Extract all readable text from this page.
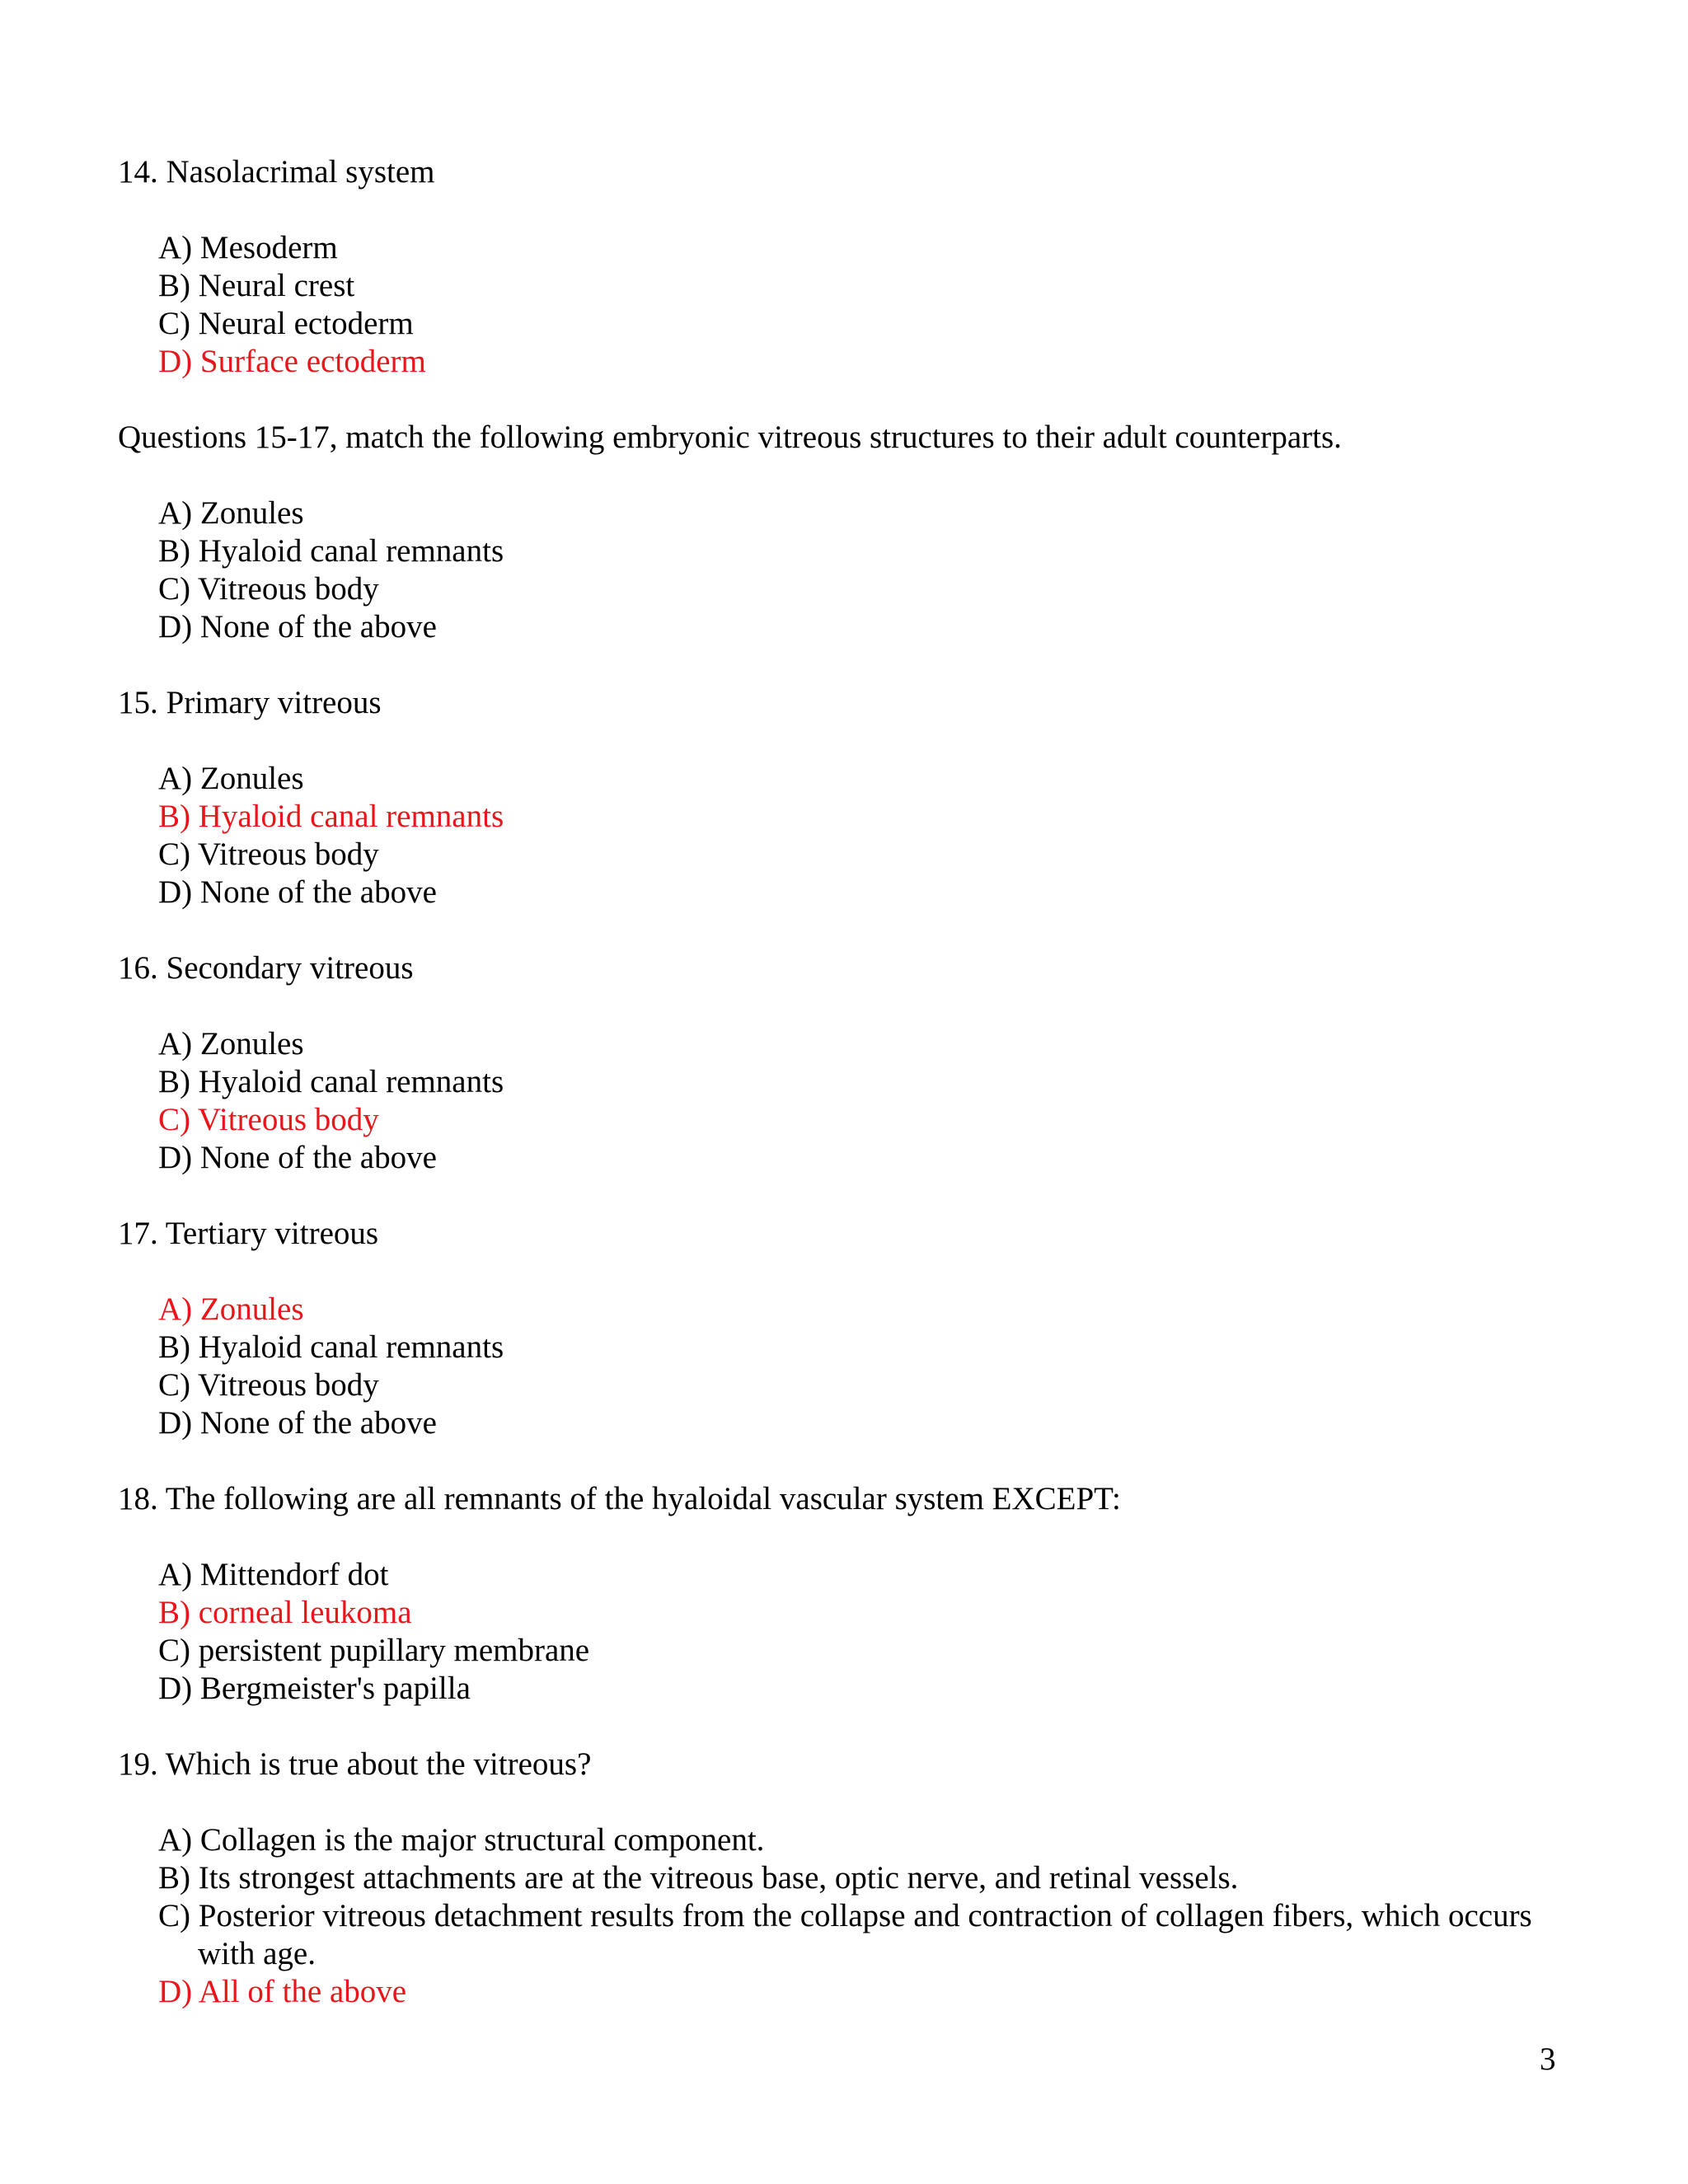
14. Nasolacrimal system

A) Mesoderm
B) Neural crest
C) Neural ectoderm
D) Surface ectoderm

Questions 15-17, match the following embryonic vitreous structures to their adult counterparts.

A) Zonules
B) Hyaloid canal remnants
C) Vitreous body
D) None of the above

15. Primary vitreous

A) Zonules
B) Hyaloid canal remnants
C) Vitreous body
D) None of the above

16. Secondary vitreous

A) Zonules
B) Hyaloid canal remnants
C) Vitreous body
D) None of the above

17. Tertiary vitreous

A) Zonules
B) Hyaloid canal remnants
C) Vitreous body
D) None of the above

18. The following are all remnants of the hyaloidal vascular system EXCEPT:

A) Mittendorf dot
B) corneal leukoma
C) persistent pupillary membrane
D) Bergmeister's papilla

19. Which is true about the vitreous?

A) Collagen is the major structural component.
B) Its strongest attachments are at the vitreous base, optic nerve, and retinal vessels.
C) Posterior vitreous detachment results from the collapse and contraction of collagen fibers, which occurs with age.
D) All of the above
3
